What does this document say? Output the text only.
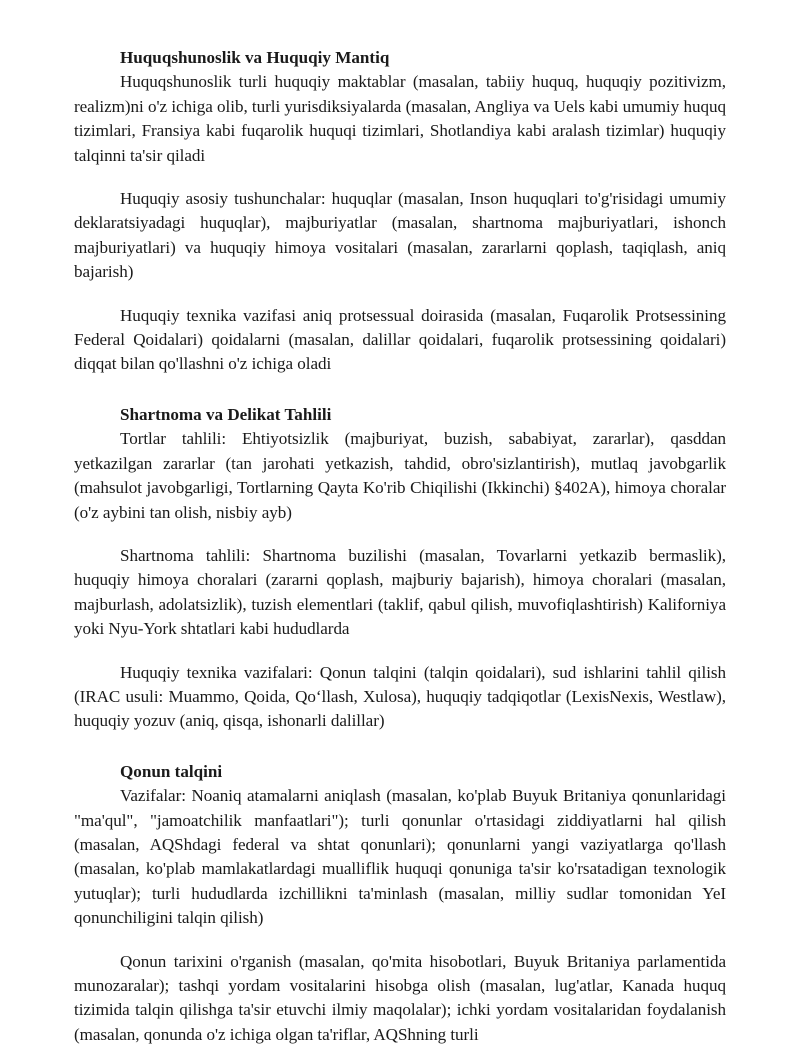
Huquqshunoslik va Huquqiy Mantiq

Huquqshunoslik turli huquqiy maktablar (masalan, tabiiy huquq, huquqiy pozitivizm, realizm)ni o'z ichiga olib, turli yurisdiksiyalarda (masalan, Angliya va Uels kabi umumiy huquq tizimlari, Fransiya kabi fuqarolik huquqi tizimlari, Shotlandiya kabi aralash tizimlar) huquqiy talqinni ta'sir qiladi

Huquqiy asosiy tushunchalar: huquqlar (masalan, Inson huquqlari to'g'risidagi umumiy deklaratsiyadagi huquqlar), majburiyatlar (masalan, shartnoma majburiyatlari, ishonch majburiyatlari) va huquqiy himoya vositalari (masalan, zararlarni qoplash, taqiqlash, aniq bajarish)

Huquqiy texnika vazifasi aniq protsessual doirasida (masalan, Fuqarolik Protsessining Federal Qoidalari) qoidalarni (masalan, dalillar qoidalari, fuqarolik protsessining qoidalari) diqqat bilan qo'llashni o'z ichiga oladi

Shartnoma va Delikat Tahlili

Tortlar tahlili: Ehtiyotsizlik (majburiyat, buzish, sababiyat, zararlar), qasddan yetkazilgan zararlar (tan jarohati yetkazish, tahdid, obro'sizlantirish), mutlaq javobgarlik (mahsulot javobgarligi, Tortlarning Qayta Ko'rib Chiqilishi (Ikkinchi) §402A), himoya choralar (o'z aybini tan olish, nisbiy ayb)

Shartnoma tahlili: Shartnoma buzilishi (masalan, Tovarlarni yetkazib bermaslik), huquqiy himoya choralari (zararni qoplash, majburiy bajarish), himoya choralari (masalan, majburlash, adolatsizlik), tuzish elementlari (taklif, qabul qilish, muvofiqlashtirish) Kaliforniya yoki Nyu-York shtatlari kabi hududlarda

Huquqiy texnika vazifalari: Qonun talqini (talqin qoidalari), sud ishlarini tahlil qilish (IRAC usuli: Muammo, Qoida, Qo‘llash, Xulosa), huquqiy tadqiqotlar (LexisNexis, Westlaw), huquqiy yozuv (aniq, qisqa, ishonarli dalillar)

Qonun talqini

Vazifalar: Noaniq atamalarni aniqlash (masalan, ko'plab Buyuk Britaniya qonunlaridagi "ma'qul", "jamoatchilik manfaatlari"); turli qonunlar o'rtasidagi ziddiyatlarni hal qilish (masalan, AQShdagi federal va shtat qonunlari); qonunlarni yangi vaziyatlarga qo'llash (masalan, ko'plab mamlakatlardagi mualliflik huquqi qonuniga ta'sir ko'rsatadigan texnologik yutuqlar); turli hududlarda izchillikni ta'minlash (masalan, milliy sudlar tomonidan YeI qonunchiligini talqin qilish)

Qonun tarixini o'rganish (masalan, qo'mita hisobotlari, Buyuk Britaniya parlamentida munozaralar); tashqi yordam vositalarini hisobga olish (masalan, lug'atlar, Kanada huquq tizimida talqin qilishga ta'sir etuvchi ilmiy maqolalar); ichki yordam vositalaridan foydalanish (masalan, qonunda o'z ichiga olgan ta'riflar, AQShning turli
